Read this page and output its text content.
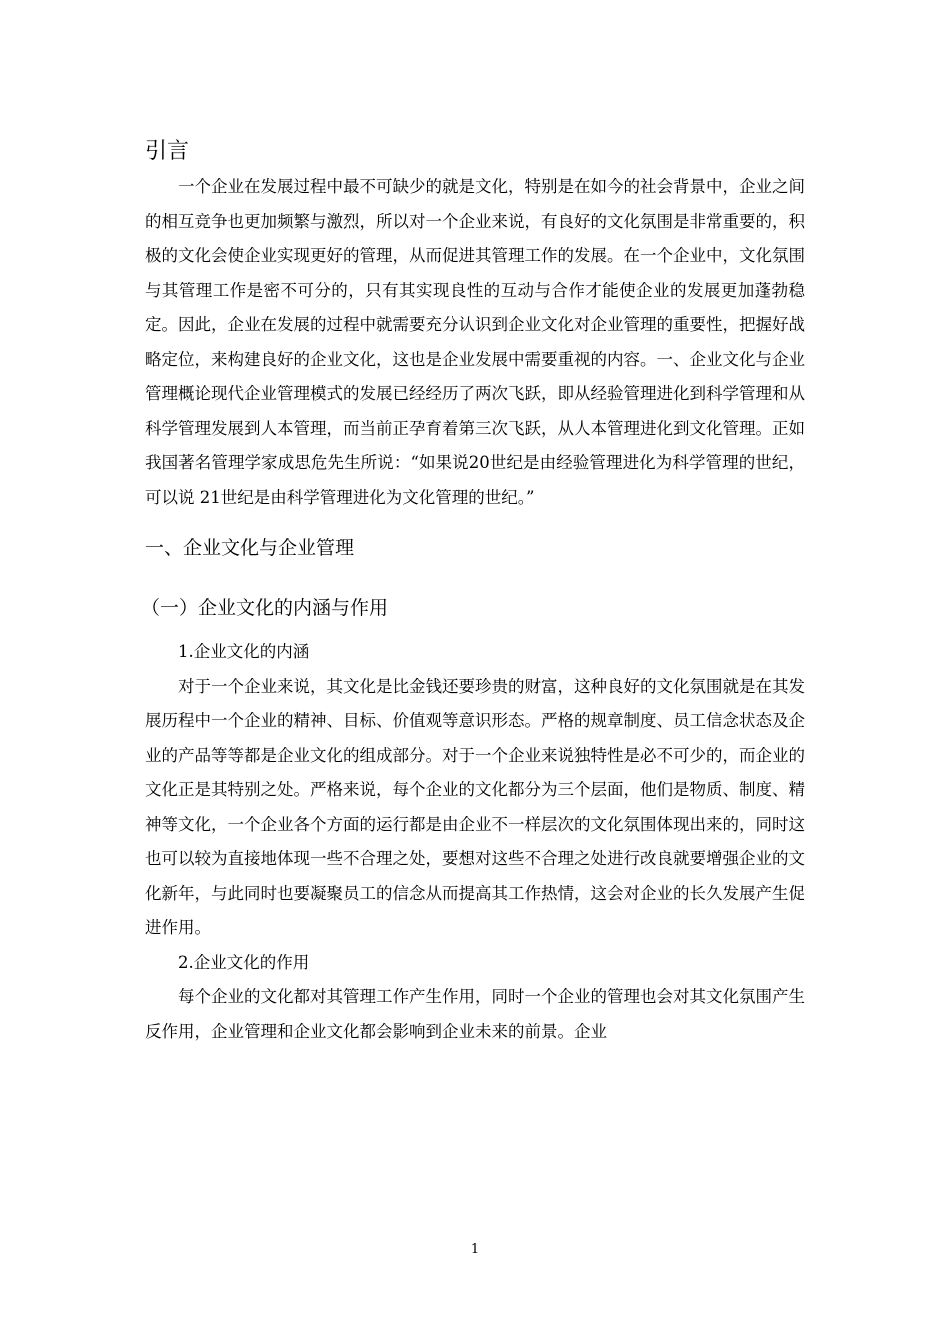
引言

一个企业在发展过程中最不可缺少的就是文化，特别是在如今的社会背景中，企业之间的相互竞争也更加频繁与激烈，所以对一个企业来说，有良好的文化氛围是非常重要的，积极的文化会使企业实现更好的管理，从而促进其管理工作的发展。在一个企业中，文化氛围与其管理工作是密不可分的，只有其实现良性的互动与合作才能使企业的发展更加蓬勃稳定。因此，企业在发展的过程中就需要充分认识到企业文化对企业管理的重要性，把握好战略定位，来构建良好的企业文化，这也是企业发展中需要重视的内容。一、企业文化与企业管理概论现代企业管理模式的发展已经经历了两次飞跃，即从经验管理进化到科学管理和从科学管理发展到人本管理，而当前正孕育着第三次飞跃，从人本管理进化到文化管理。正如我国著名管理学家成思危先生所说：“如果说20世纪是由经验管理进化为科学管理的世纪，可以说 21世纪是由科学管理进化为文化管理的世纪。”

一、企业文化与企业管理
（一）企业文化的内涵与作用

1.企业文化的内涵

对于一个企业来说，其文化是比金钱还要珍贵的财富，这种良好的文化氛围就是在其发展历程中一个企业的精神、目标、价值观等意识形态。严格的规章制度、员工信念状态及企业的产品等等都是企业文化的组成部分。对于一个企业来说独特性是必不可少的，而企业的文化正是其特别之处。严格来说，每个企业的文化都分为三个层面，他们是物质、制度、精神等文化，一个企业各个方面的运行都是由企业不一样层次的文化氛围体现出来的，同时这也可以较为直接地体现一些不合理之处，要想对这些不合理之处进行改良就要增强企业的文化新年，与此同时也要凝聚员工的信念从而提高其工作热情，这会对企业的长久发展产生促进作用。

2.企业文化的作用

每个企业的文化都对其管理工作产生作用，同时一个企业的管理也会对其文化氛围产生反作用，企业管理和企业文化都会影响到企业未来的前景。企业

1
